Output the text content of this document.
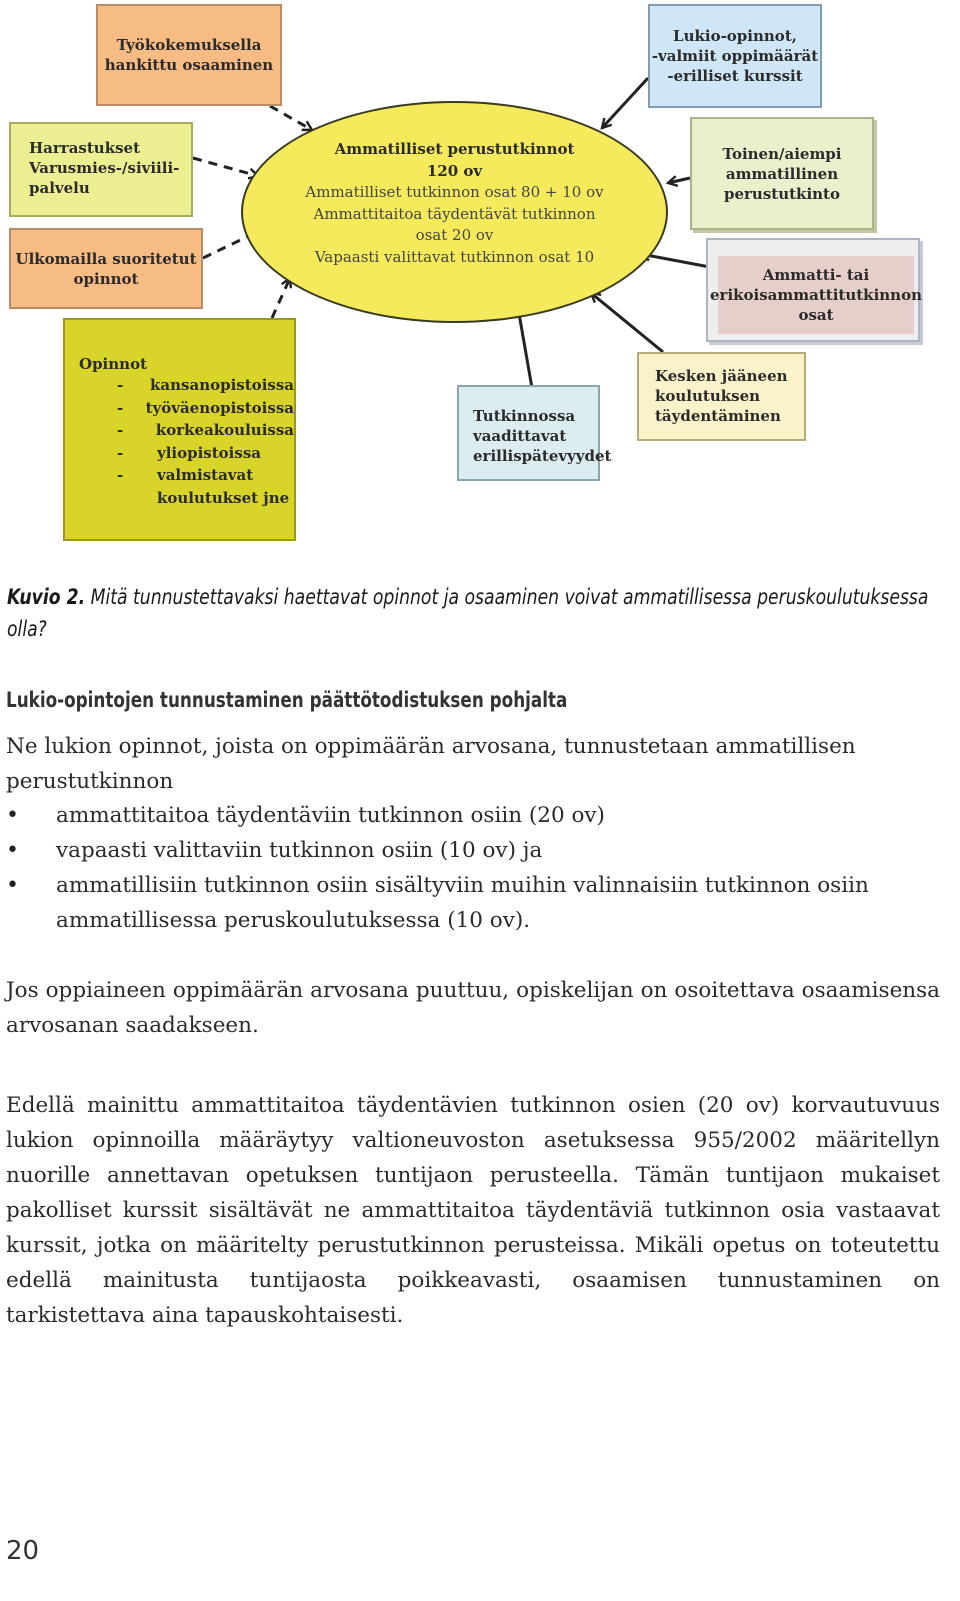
Ammatilliset perustutkinnot
120 ov
Ammatilliset tutkinnon osat 80 + 10 ov
Ammattitaitoa täydentävät tutkinnon
osat 20 ov
Vapaasti valittavat tutkinnon osat 10
Työkokemuksella
hankittu osaaminen
Lukio-opinnot,
-valmiit oppimäärät
-erilliset kurssit
Harrastukset
Varusmies-/siviili-
palvelu
Ulkomailla suoritetut
opinnot
Toinen/aiempi
ammatillinen
perustutkinto
Ammatti- tai
erikoisammattitutkinnon
osat
Opinnot
-	kansanopistoissa
-	työväenopistoissa
-	korkeakouluissa
-	yliopistoissa
-	valmistavat
koulutukset jne
Tutkinnossa
vaadittavat
erillispätevyydet
Kesken jääneen
koulutuksen
täydentäminen
Kuvio 2. Mitä tunnustettavaksi haettavat opinnot ja osaaminen voivat ammatillisessa peruskoulutuksessa
olla?
Lukio-opintojen tunnustaminen päättötodistuksen pohjalta

Ne lukion opinnot, joista on oppimäärän arvosana, tunnustetaan ammatillisen perustutkinnon

• ammattitaitoa täydentäviin tutkinnon osiin (20 ov)
• vapaasti valittaviin tutkinnon osiin (10 ov) ja
• ammatillisiin tutkinnon osiin sisältyviin muihin valinnaisiin tutkinnon osiin ammatillisessa peruskoulutuksessa (10 ov).

Jos oppiaineen oppimäärän arvosana puuttuu, opiskelijan on osoitettava osaamisensa arvosanan saadakseen.

Edellä mainittu ammattitaitoa täydentävien tutkinnon osien (20 ov) korvautuvuus lukion opinnoilla määräytyy valtioneuvoston asetuksessa 955/2002 määritellyn nuorille annettavan opetuksen tuntijaon perusteella. Tämän tuntijaon mukaiset pakolliset kurssit sisältävät ne ammattitaitoa täydentäviä tutkinnon osia vastaavat kurssit, jotka on määritelty perustutkinnon perusteissa. Mikäli opetus on toteutettu edellä mainitusta tuntijaosta poikkeavasti, osaamisen tunnustaminen on tarkistettava aina tapauskohtaisesti.

20
